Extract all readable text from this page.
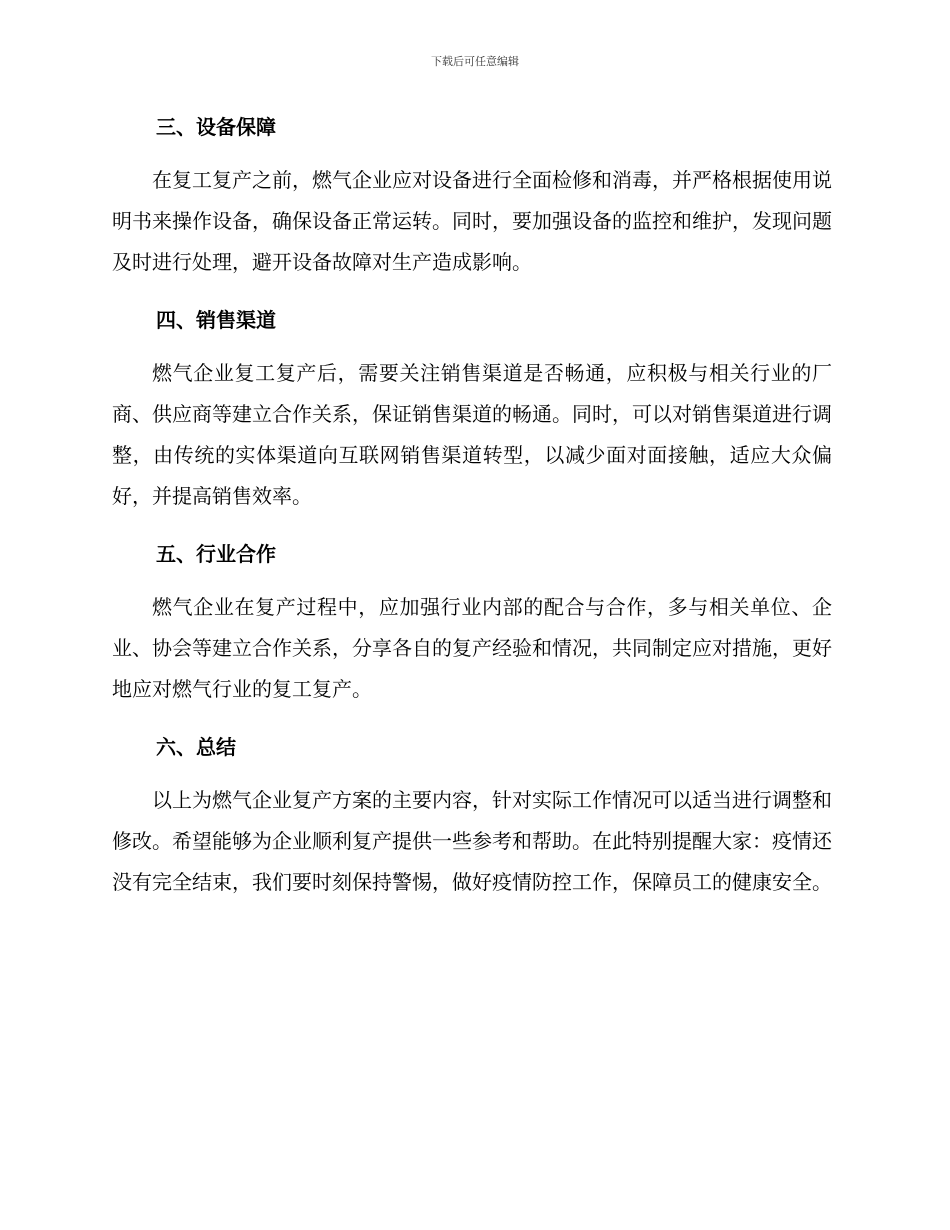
下载后可任意编辑
三、设备保障

在复工复产之前，燃气企业应对设备进行全面检修和消毒，并严格根据使用说明书来操作设备，确保设备正常运转。同时，要加强设备的监控和维护，发现问题及时进行处理，避开设备故障对生产造成影响。

四、销售渠道

燃气企业复工复产后，需要关注销售渠道是否畅通，应积极与相关行业的厂商、供应商等建立合作关系，保证销售渠道的畅通。同时，可以对销售渠道进行调整，由传统的实体渠道向互联网销售渠道转型，以减少面对面接触，适应大众偏好，并提高销售效率。

五、行业合作

燃气企业在复产过程中，应加强行业内部的配合与合作，多与相关单位、企业、协会等建立合作关系，分享各自的复产经验和情况，共同制定应对措施，更好地应对燃气行业的复工复产。

六、总结

以上为燃气企业复产方案的主要内容，针对实际工作情况可以适当进行调整和修改。希望能够为企业顺利复产提供一些参考和帮助。在此特别提醒大家：疫情还没有完全结束，我们要时刻保持警惕，做好疫情防控工作，保障员工的健康安全。
